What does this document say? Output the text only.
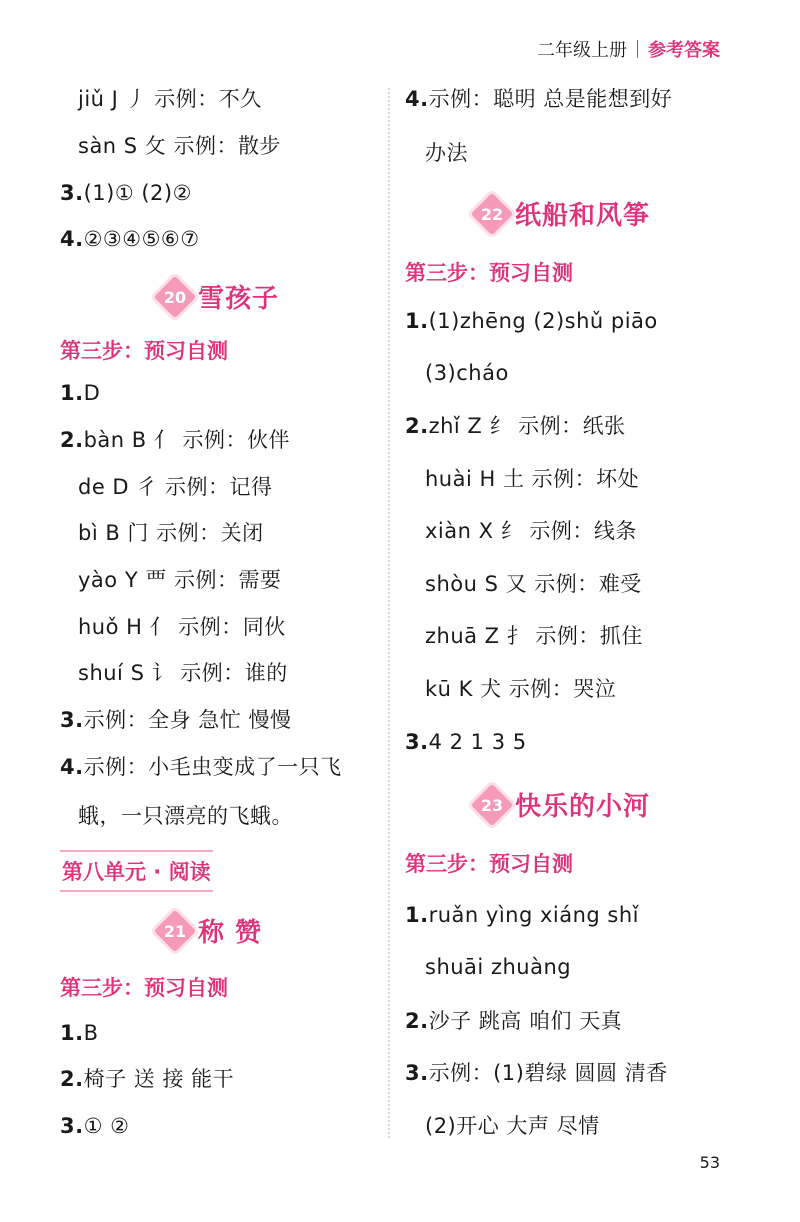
二年级上册 参考答案
jiǔ J 丿 示例：不久
sàn S 攵 示例：散步
3.(1)① (2)②
4.②③④⑤⑥⑦
20 雪孩子
第三步：预习自测
1.D
2.bàn B 亻 示例：伙伴
de D 彳 示例：记得
bì B 门 示例：关闭
yào Y 覀 示例：需要
huǒ H 亻 示例：同伙
shuí S 讠 示例：谁的
3.示例：全身 急忙 慢慢
4.示例：小毛虫变成了一只飞
蛾，一只漂亮的飞蛾。
第八单元 · 阅读
21 称 赞
第三步：预习自测
1.B
2.椅子 送 接 能干
3.① ②
4.示例：聪明 总是能想到好
办法
22 纸船和风筝
第三步：预习自测
1.(1)zhēng (2)shǔ piāo
(3)cháo
2.zhǐ Z 纟 示例：纸张
huài H 土 示例：坏处
xiàn X 纟 示例：线条
shòu S 又 示例：难受
zhuā Z 扌 示例：抓住
kū K 犬 示例：哭泣
3.4 2 1 3 5
23 快乐的小河
第三步：预习自测
1.ruǎn yìng xiáng shǐ
shuāi zhuàng
2.沙子 跳高 咱们 天真
3.示例：(1)碧绿 圆圆 清香
(2)开心 大声 尽情
53
